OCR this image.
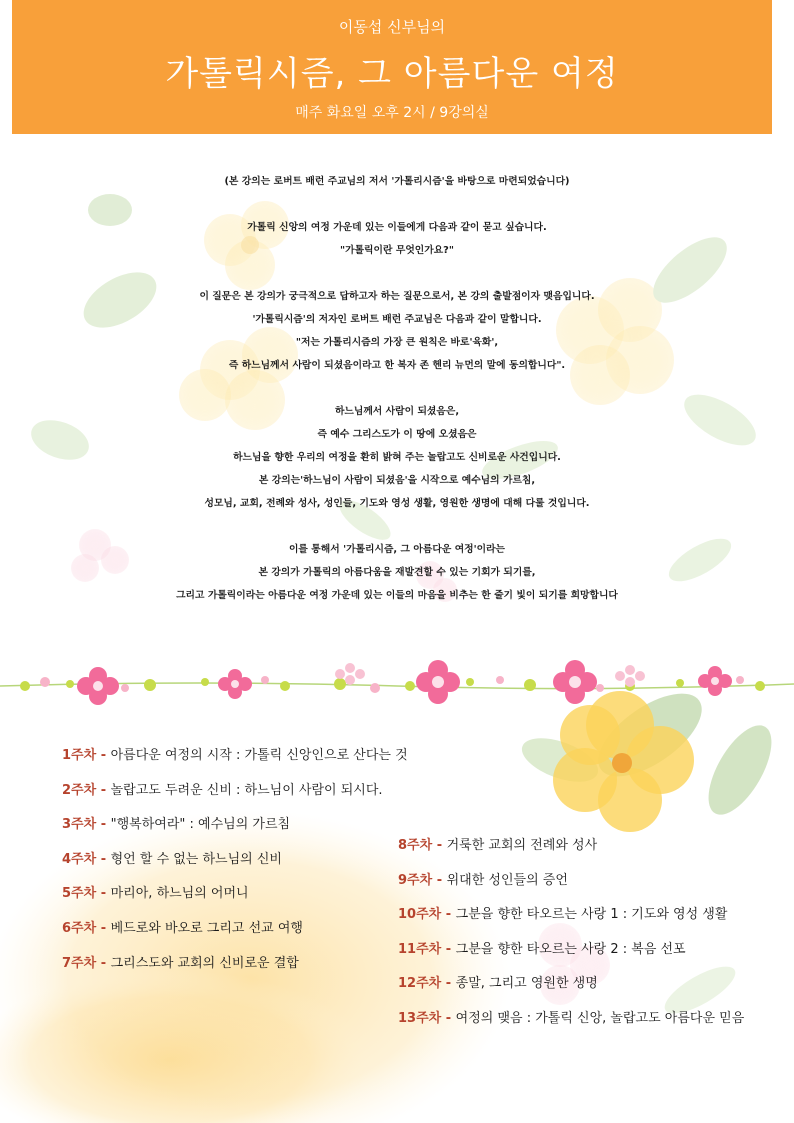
이동섭 신부님의
가톨릭시즘, 그 아름다운 여정
매주 화요일 오후 2시 / 9강의실

(본 강의는 로버트 배런 주교님의 저서 '가톨리시즘'을 바탕으로 마련되었습니다)

가톨릭 신앙의 여정 가운데 있는 이들에게 다음과 같이 묻고 싶습니다.
"가톨릭이란 무엇인가요?"

이 질문은 본 강의가 궁극적으로 답하고자 하는 질문으로서, 본 강의 출발점이자 맺음입니다.
'가톨릭시즘'의 저자인 로버트 배런 주교님은 다음과 같이 말합니다.
"저는 가톨리시즘의 가장 큰 원칙은 바로'육화',
즉 하느님께서 사람이 되셨음이라고 한 복자 존 헨리 뉴먼의 말에 동의합니다".

하느님께서 사람이 되셨음은,
즉 예수 그리스도가 이 땅에 오셨음은
하느님을 향한 우리의 여정을 환히 밝혀 주는 놀랍고도 신비로운 사건입니다.
본 강의는'하느님이 사람이 되셨음'을 시작으로 예수님의 가르침,
성모님, 교회, 전례와 성사, 성인들, 기도와 영성 생활, 영원한 생명에 대해 다룰 것입니다.

이를 통해서 '가톨리시즘, 그 아름다운 여정'이라는
본 강의가 가톨릭의 아름다움을 재발견할 수 있는 기회가 되기를,
그리고 가톨릭이라는 아름다운 여정 가운데 있는 이들의 마음을 비추는 한 줄기 빛이 되기를 희망합니다

1주차 - 아름다운 여정의 시작 : 가톨릭 신앙인으로 산다는 것
2주차 - 놀랍고도 두려운 신비 : 하느님이 사람이 되시다.
3주차 - "행복하여라" : 예수님의 가르침
4주차 - 형언 할 수 없는 하느님의 신비
5주차 - 마리아, 하느님의 어머니
6주차 - 베드로와 바오로 그리고 선교 여행
7주차 - 그리스도와 교회의 신비로운 결합
8주차 - 거룩한 교회의 전례와 성사
9주차 - 위대한 성인들의 증언
10주차 - 그분을 향한 타오르는 사랑 1 : 기도와 영성 생활
11주차 - 그분을 향한 타오르는 사랑 2 : 복음 선포
12주차 - 종말, 그리고 영원한 생명
13주차 - 여정의 맺음 : 가톨릭 신앙, 놀랍고도 아름다운 믿음
